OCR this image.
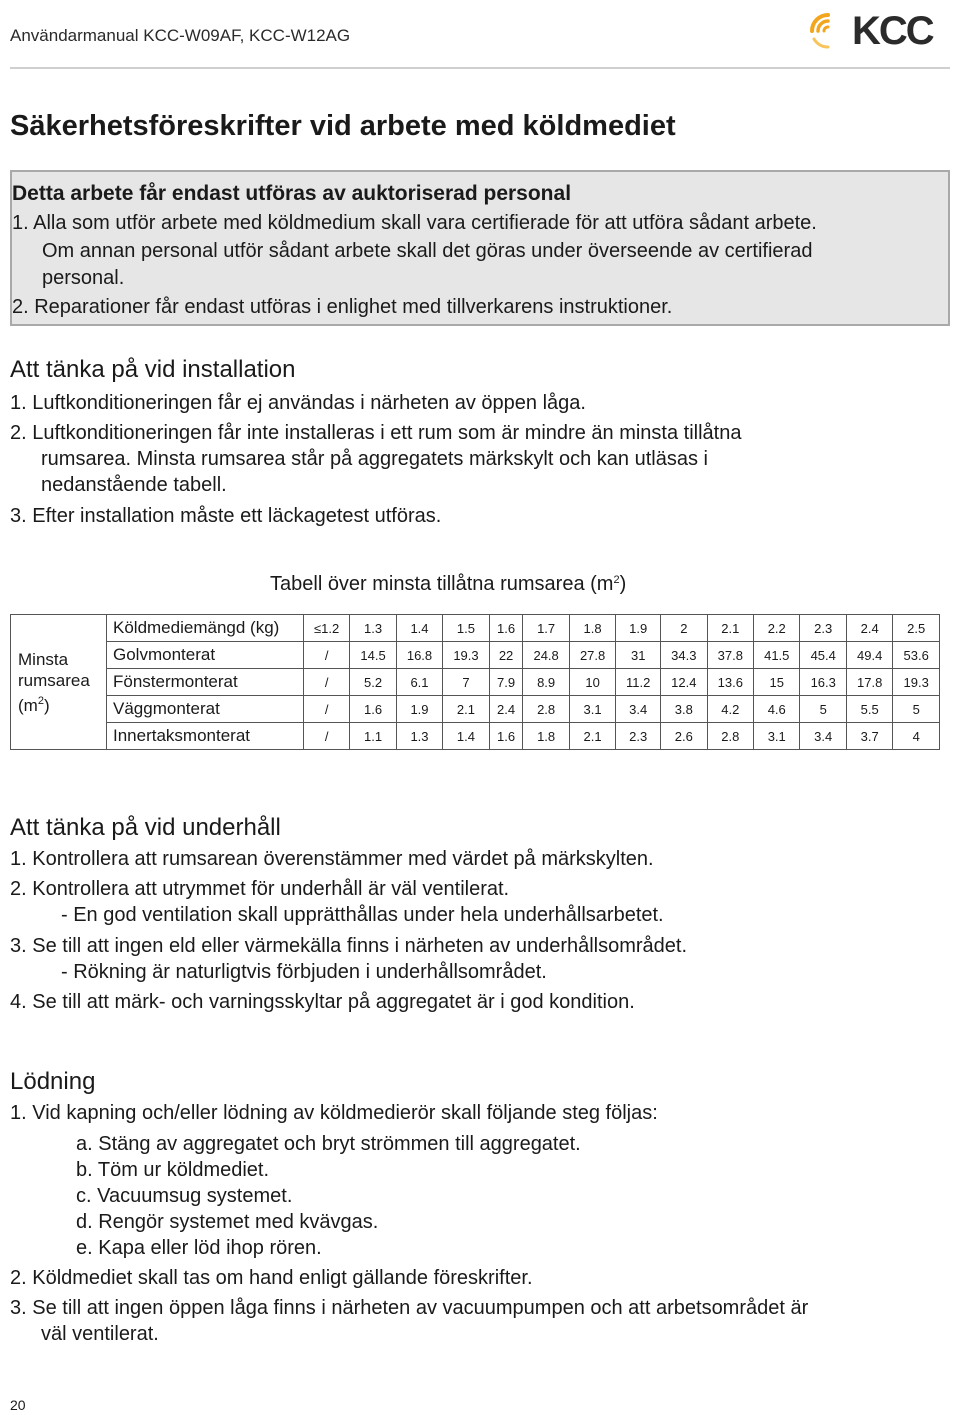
Användarmanual KCC-W09AF, KCC-W12AG	KCC
Säkerhetsföreskrifter vid arbete med köldmediet
Detta arbete får endast utföras av auktoriserad personal
1. Alla som utför arbete med köldmedium skall vara certifierade för att utföra sådant arbete.
Om annan personal utför sådant arbete skall det göras under överseende av certifierad
personal.
2. Reparationer får endast utföras i enlighet med tillverkarens instruktioner.
Att tänka på vid installation
1. Luftkonditioneringen får ej användas i närheten av öppen låga.
2. Luftkonditioneringen får inte installeras i ett rum som är mindre än minsta tillåtna
rumsarea. Minsta rumsarea står på aggregatets märkskylt och kan utläsas i
nedanstående tabell.
3. Efter installation måste ett läckagetest utföras.
Tabell över minsta tillåtna rumsarea $(m^2)$
Minsta
rumsarea
$(m^2)$	Köldmediemängd (kg)	≤1.2	1.3	1.4	1.5	1.6	1.7	1.8	1.9	2	2.1	2.2	2.3	2.4	2.5
	Golvmonterat	/	14.5	16.8	19.3	22	24.8	27.8	31	34.3	37.8	41.5	45.4	49.4	53.6
	Fönstermonterat	/	5.2	6.1	7	7.9	8.9	10	11.2	12.4	13.6	15	16.3	17.8	19.3
	Väggmonterat	/	1.6	1.9	2.1	2.4	2.8	3.1	3.4	3.8	4.2	4.6	5	5.5	5
	Innertaksmonterat	/	1.1	1.3	1.4	1.6	1.8	2.1	2.3	2.6	2.8	3.1	3.4	3.7	4
Att tänka på vid underhåll
1. Kontrollera att rumsarean överenstämmer med värdet på märkskylten.
2. Kontrollera att utrymmet för underhåll är väl ventilerat.
- En god ventilation skall upprätthållas under hela underhållsarbetet.
3. Se till att ingen eld eller värmekälla finns i närheten av underhållsområdet.
- Rökning är naturligtvis förbjuden i underhållsområdet.
4. Se till att märk- och varningsskyltar på aggregatet är i god kondition.
Lödning
1. Vid kapning och/eller lödning av köldmedierör skall följande steg följas:
a. Stäng av aggregatet och bryt strömmen till aggregatet.
b. Töm ur köldmediet.
c. Vacuumsug systemet.
d. Rengör systemet med kvävgas.
e. Kapa eller löd ihop rören.
2. Köldmediet skall tas om hand enligt gällande föreskrifter.
3. Se till att ingen öppen låga finns i närheten av vacuumpumpen och att arbetsområdet är
väl ventilerat.
20
